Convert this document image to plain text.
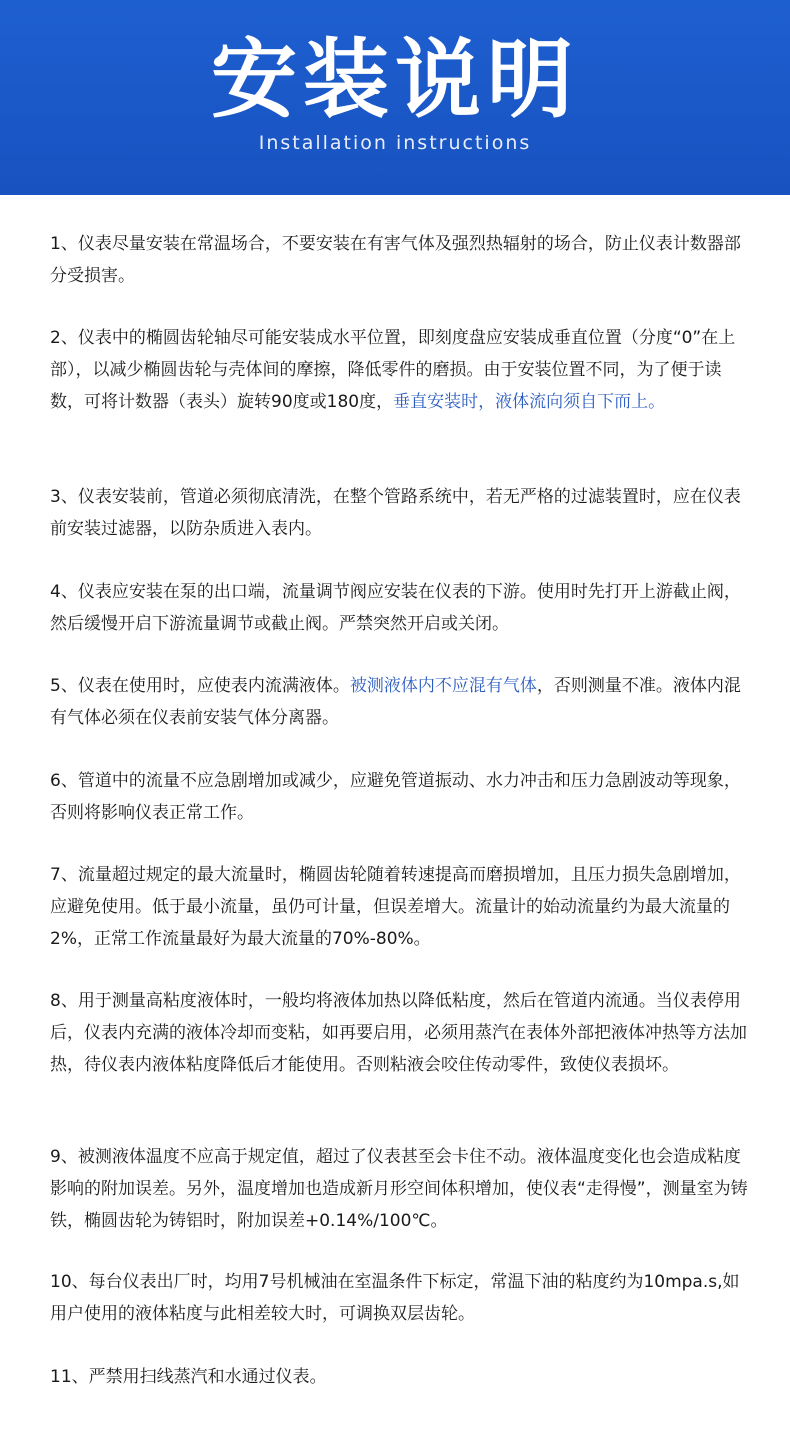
安装说明
Installation instructions
1、仪表尽量安装在常温场合，不要安装在有害气体及强烈热辐射的场合，防止仪表计数器部分受损害。
2、仪表中的椭圆齿轮轴尽可能安装成水平位置，即刻度盘应安装成垂直位置（分度“0”在上部），以减少椭圆齿轮与壳体间的摩擦，降低零件的磨损。由于安装位置不同，为了便于读数，可将计数器（表头）旋转90度或180度，垂直安装时，液体流向须自下而上。
3、仪表安装前，管道必须彻底清洗，在整个管路系统中，若无严格的过滤装置时，应在仪表前安装过滤器，以防杂质进入表内。
4、仪表应安装在泵的出口端，流量调节阀应安装在仪表的下游。使用时先打开上游截止阀，然后缓慢开启下游流量调节或截止阀。严禁突然开启或关闭。
5、仪表在使用时，应使表内流满液体。被测液体内不应混有气体，否则测量不准。液体内混有气体必须在仪表前安装气体分离器。
6、管道中的流量不应急剧增加或减少，应避免管道振动、水力冲击和压力急剧波动等现象，否则将影响仪表正常工作。
7、流量超过规定的最大流量时，椭圆齿轮随着转速提高而磨损增加，且压力损失急剧增加，应避免使用。低于最小流量，虽仍可计量，但误差增大。流量计的始动流量约为最大流量的2%，正常工作流量最好为最大流量的70%-80%。
8、用于测量高粘度液体时，一般均将液体加热以降低粘度，然后在管道内流通。当仪表停用后，仪表内充满的液体冷却而变粘，如再要启用，必须用蒸汽在表体外部把液体冲热等方法加热，待仪表内液体粘度降低后才能使用。否则粘液会咬住传动零件，致使仪表损坏。
9、被测液体温度不应高于规定值，超过了仪表甚至会卡住不动。液体温度变化也会造成粘度影响的附加误差。另外，温度增加也造成新月形空间体积增加，使仪表“走得慢”，测量室为铸铁，椭圆齿轮为铸铝时，附加误差+0.14%/100℃。
10、每台仪表出厂时，均用7号机械油在室温条件下标定，常温下油的粘度约为10mpa.s,如用户使用的液体粘度与此相差较大时，可调换双层齿轮。
11、严禁用扫线蒸汽和水通过仪表。
